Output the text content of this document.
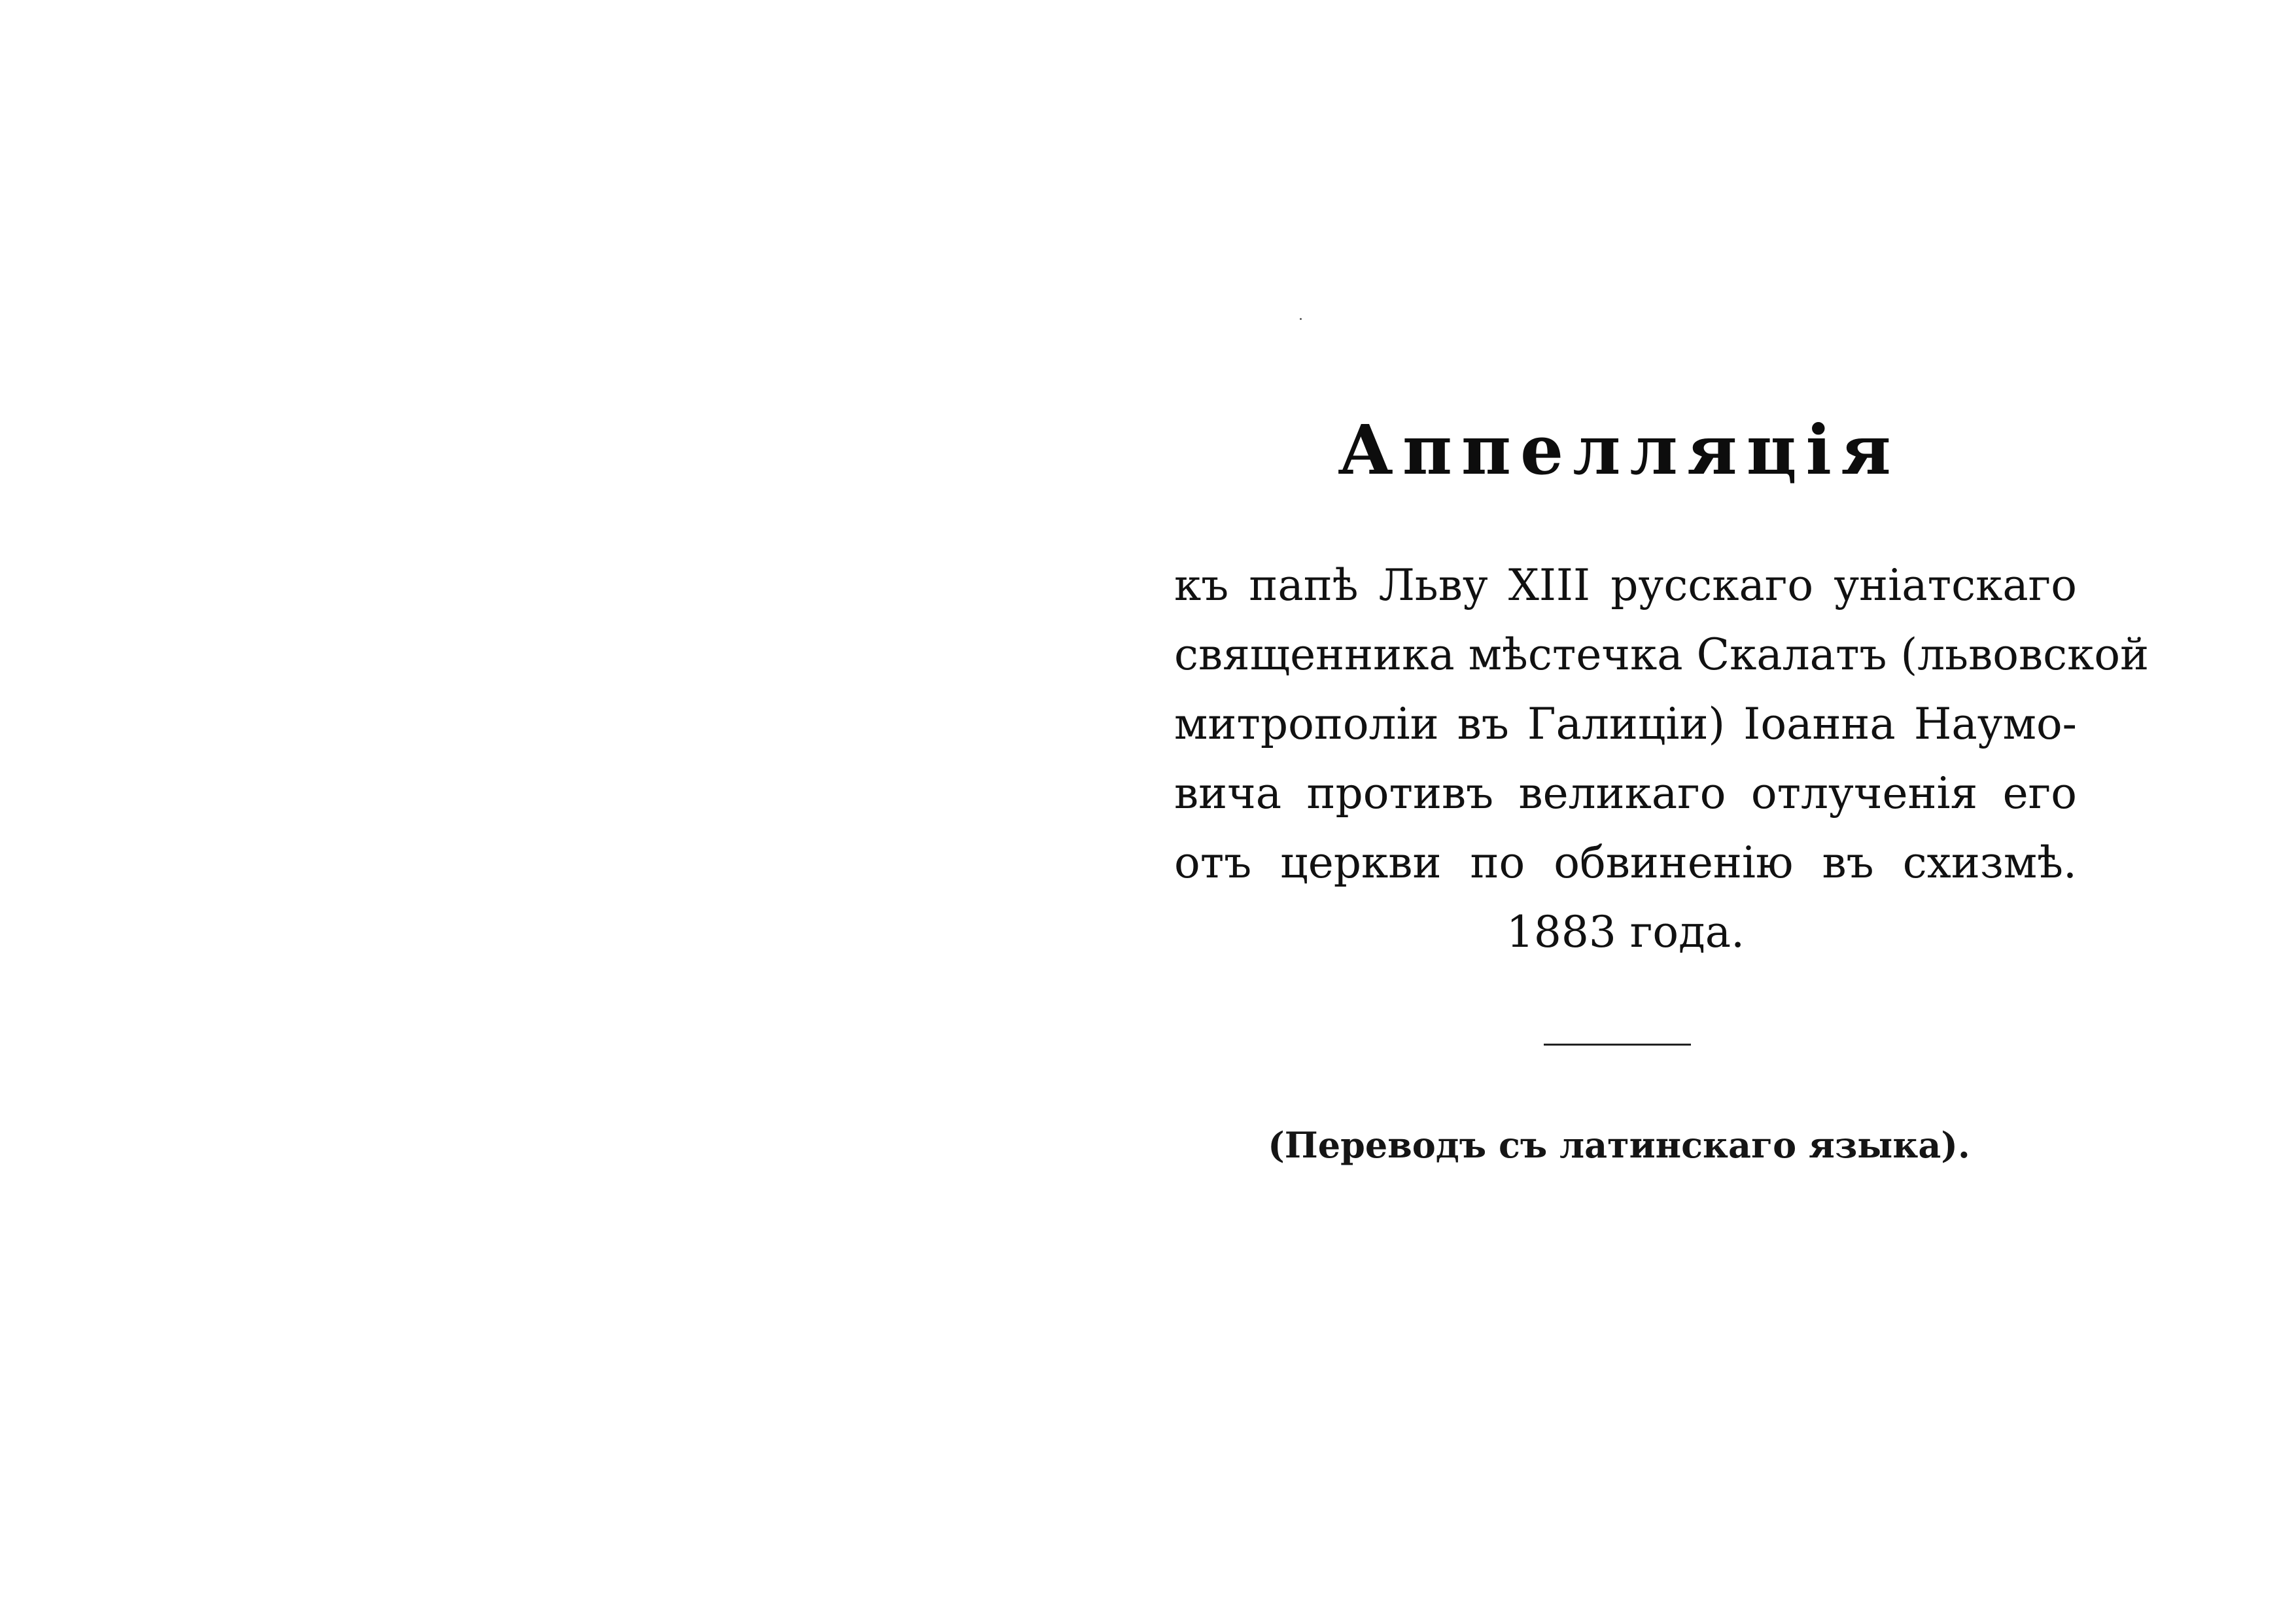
Аппелляція
къ папѣ Льву XIII русскаго уніатскаго
священника мѣстечка Скалатъ (львовской
митрополіи въ Галиціи) Іоанна Наумо-
вича противъ великаго отлученія его
отъ церкви по обвиненію въ схизмѣ.
1883 года.
(Переводъ съ латинскаго языка).
